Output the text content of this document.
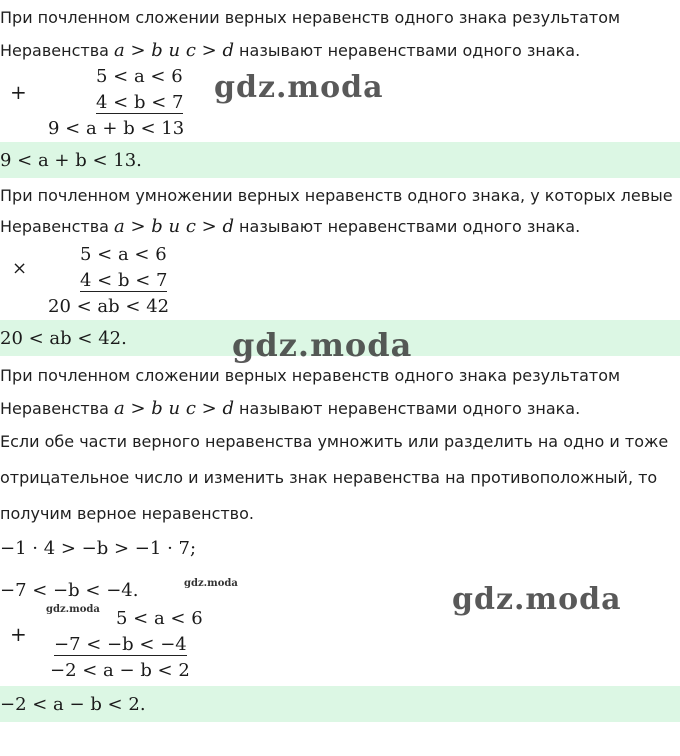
При почленном сложении верных неравенств одного знака результатом
Неравенства a > b и c > d называют неравенствами одного знака.
+
5 < a < 6
4 < b < 7
9 < a + b < 13
9 < a + b < 13.
При почленном умножении верных неравенств одного знака, у которых левые
Неравенства a > b и c > d называют неравенствами одного знака.
×
5 < a < 6
4 < b < 7
20 < ab < 42
20 < ab < 42.
При почленном сложении верных неравенств одного знака результатом
Неравенства a > b и c > d называют неравенствами одного знака.
Если обе части верного неравенства умножить или разделить на одно и тоже
отрицательное число и изменить знак неравенства на противоположный, то
получим верное неравенство.
−1 · 4 > −b > −1 · 7;
−7 < −b < −4.
+
5 < a < 6
−7 < −b < −4
−2 < a − b < 2
−2 < a − b < 2.
gdz.moda
gdz.moda
gdz.moda
gdz.moda
gdz.moda
